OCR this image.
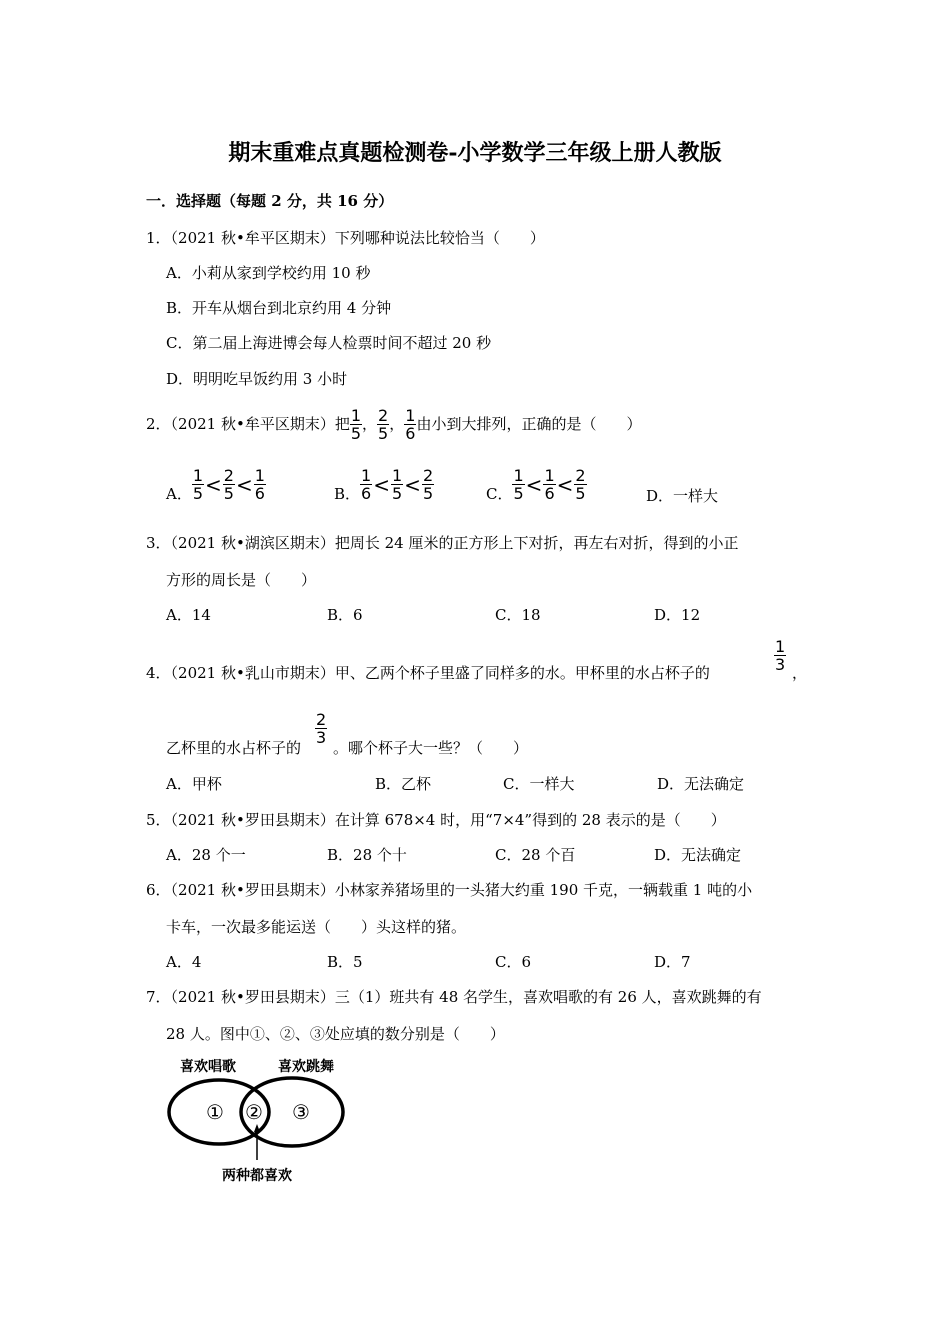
期末重难点真题检测卷-小学数学三年级上册人教版
一．选择题（每题 2 分，共 16 分）
1．（2021 秋•牟平区期末）下列哪种说法比较恰当（　　）
A．小莉从家到学校约用 10 秒
B．开车从烟台到北京约用 4 分钟
C．第二届上海进博会每人检票时间不超过 20 秒
D．明明吃早饭约用 3 小时
2．（2021 秋•牟平区期末）把 $\frac{1}{5}$ ， $\frac{2}{5}$ ， $\frac{1}{6}$ 由小到大排列，正确的是（　　）
A． $\frac{1}{5} < \frac{2}{5} < \frac{1}{6}$	B． $\frac{1}{6} < \frac{1}{5} < \frac{2}{5}$	C． $\frac{1}{5} < \frac{1}{6} < \frac{2}{5}$	D．一样大
3．（2021 秋•湖滨区期末）把周长 24 厘米的正方形上下对折，再左右对折，得到的小正
方形的周长是（　　）
A．14	B．6	C．18	D．12
4．（2021 秋•乳山市期末）甲、乙两个杯子里盛了同样多的水。甲杯里的水占杯子的	$\frac{1}{3}$ ，
乙杯里的水占杯子的
$\frac{2}{3}$
。哪个杯子大一些？（　　）
A．甲杯	B．乙杯	C．一样大	D．无法确定
5．（2021 秋•罗田县期末）在计算 678×4 时，用“7×4”得到的 28 表示的是（　　）
A．28 个一	B．28 个十	C．28 个百	D．无法确定
6．（2021 秋•罗田县期末）小林家养猪场里的一头猪大约重 190 千克，一辆载重 1 吨的小
卡车，一次最多能运送（　　）头这样的猪。
A．4	B．5	C．6	D．7
7．（2021 秋•罗田县期末）三（1）班共有 48 名学生，喜欢唱歌的有 26 人，喜欢跳舞的有
28 人。图中①、②、③处应填的数分别是（　　）
喜欢唱歌	喜欢跳舞
① ② ③
两种都喜欢
